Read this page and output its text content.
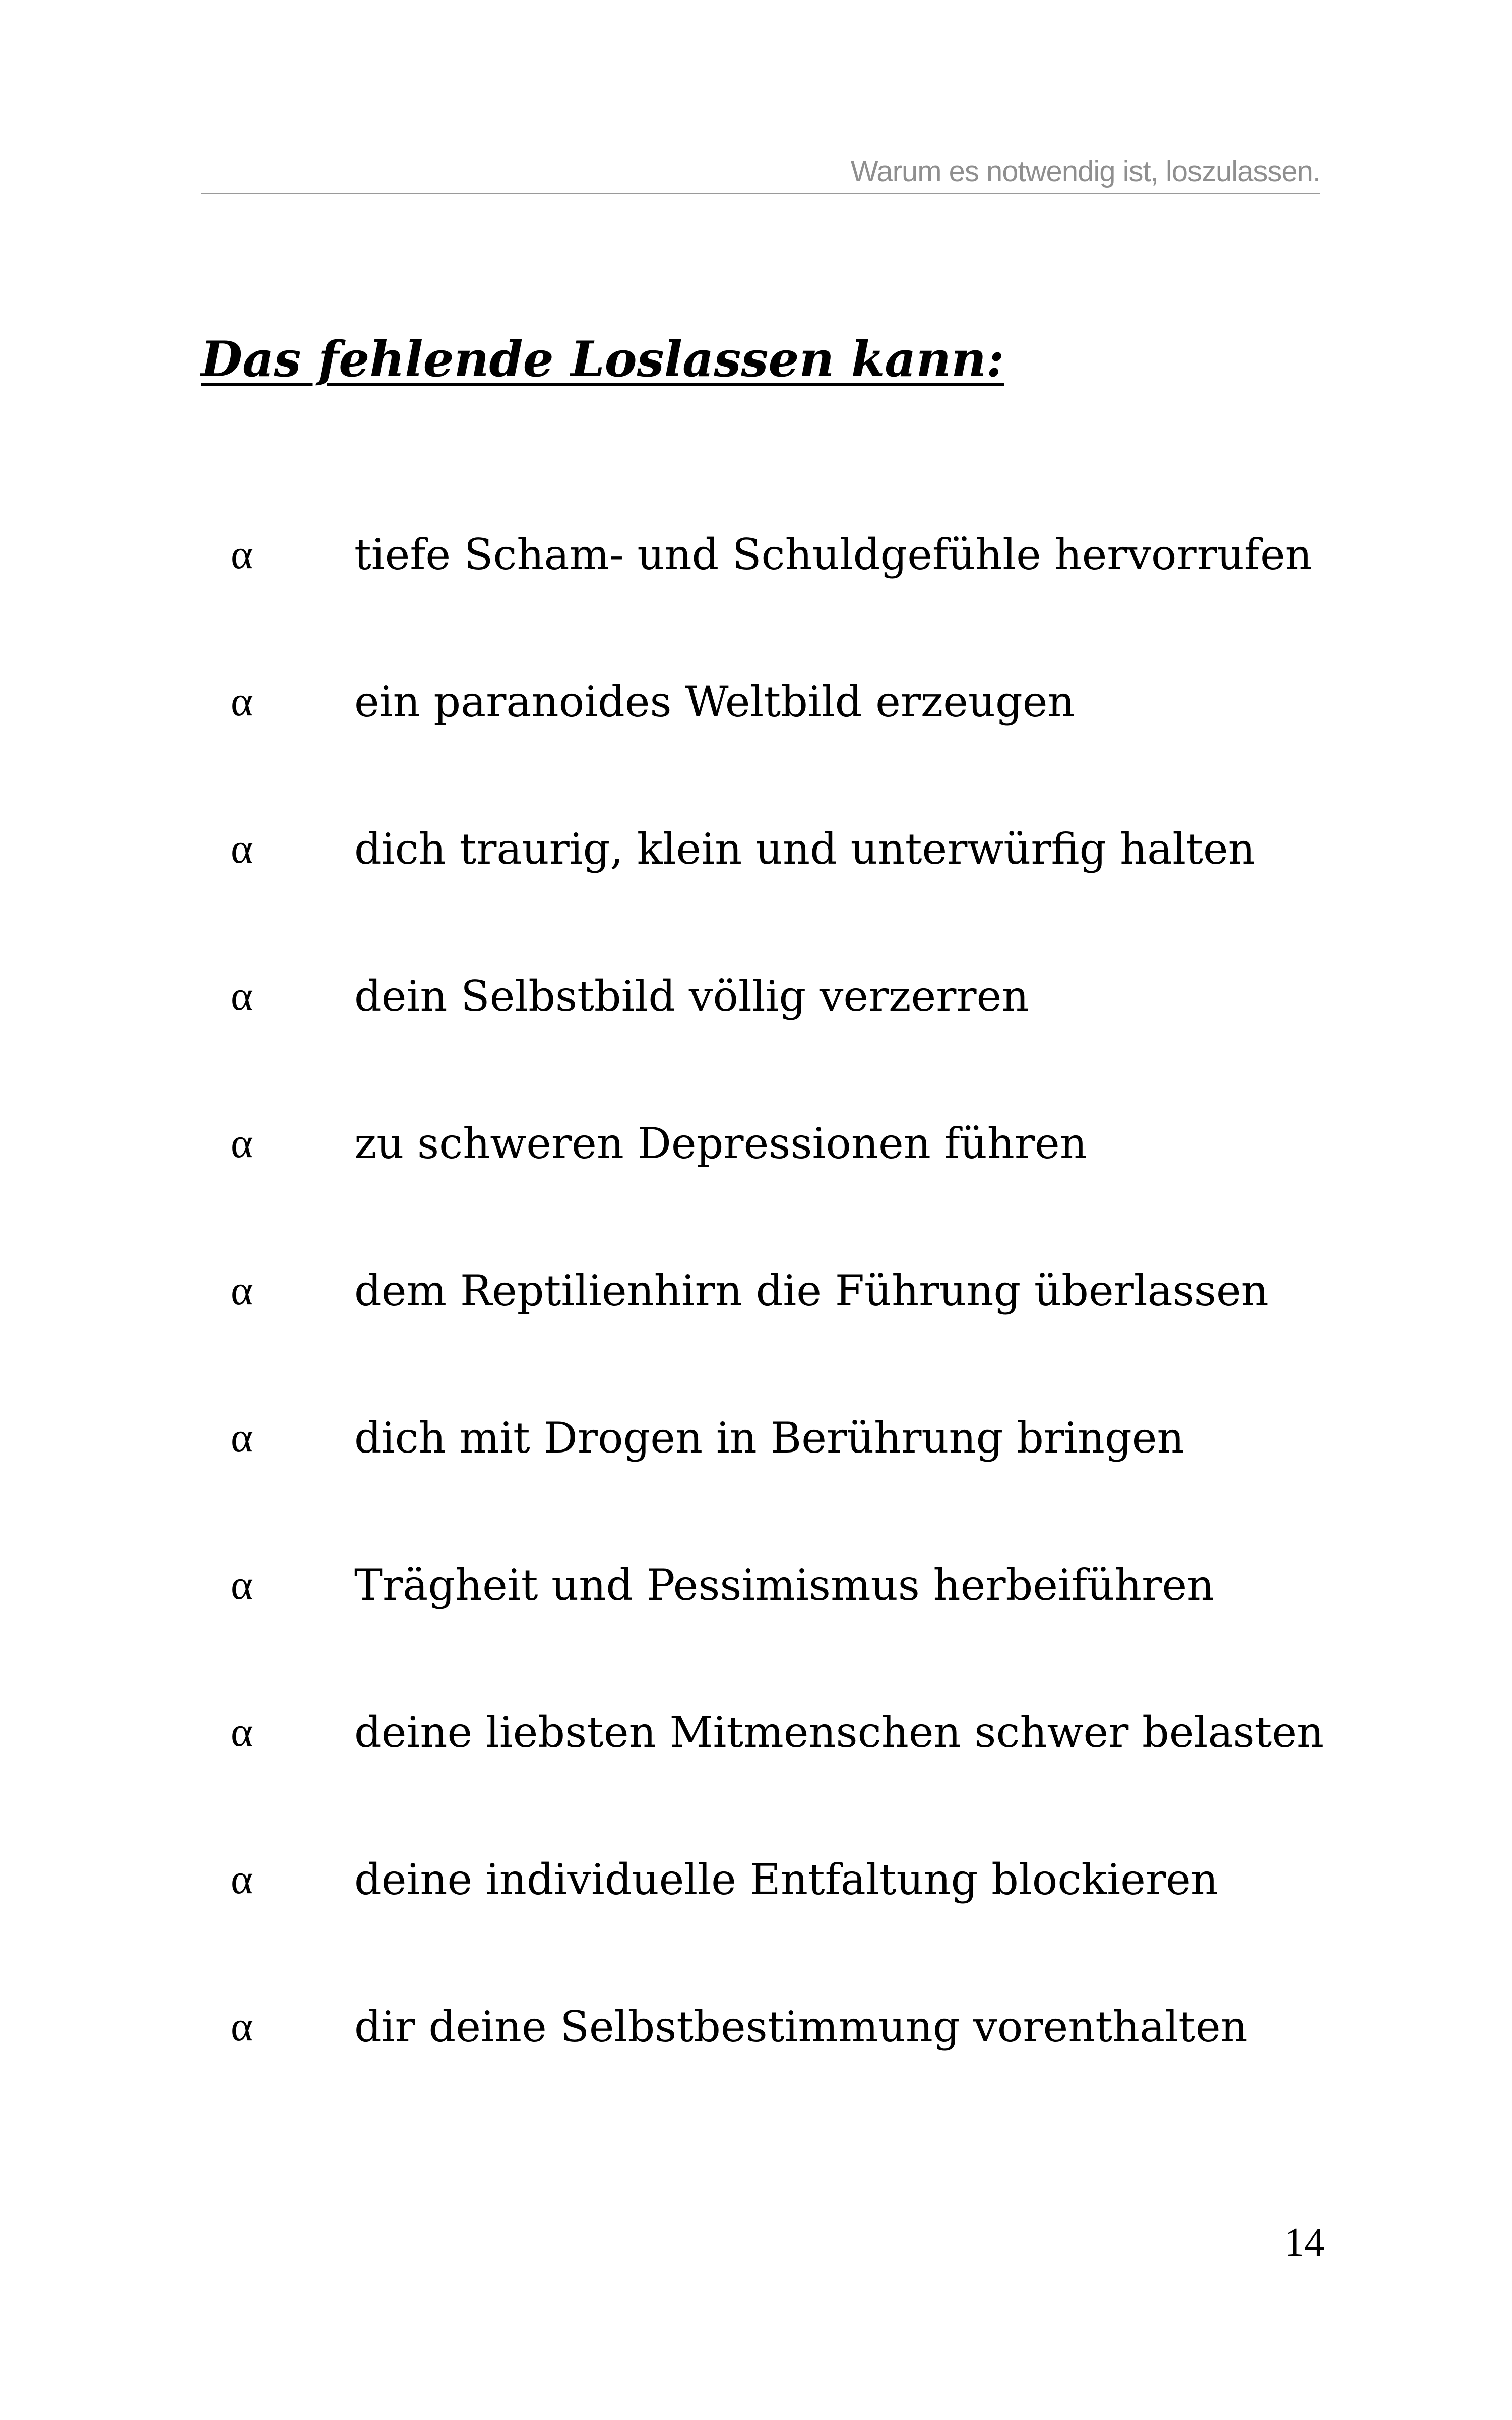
Warum es notwendig ist, loszulassen.
Das fehlende Loslassen kann:
α tiefe Scham- und Schuldgefühle hervorrufen
α ein paranoides Weltbild erzeugen
α dich traurig, klein und unterwürfig halten
α dein Selbstbild völlig verzerren
α zu schweren Depressionen führen
α dem Reptilienhirn die Führung überlassen
α dich mit Drogen in Berührung bringen
α Trägheit und Pessimismus herbeiführen
α deine liebsten Mitmenschen schwer belasten
α deine individuelle Entfaltung blockieren
α dir deine Selbstbestimmung vorenthalten
14
